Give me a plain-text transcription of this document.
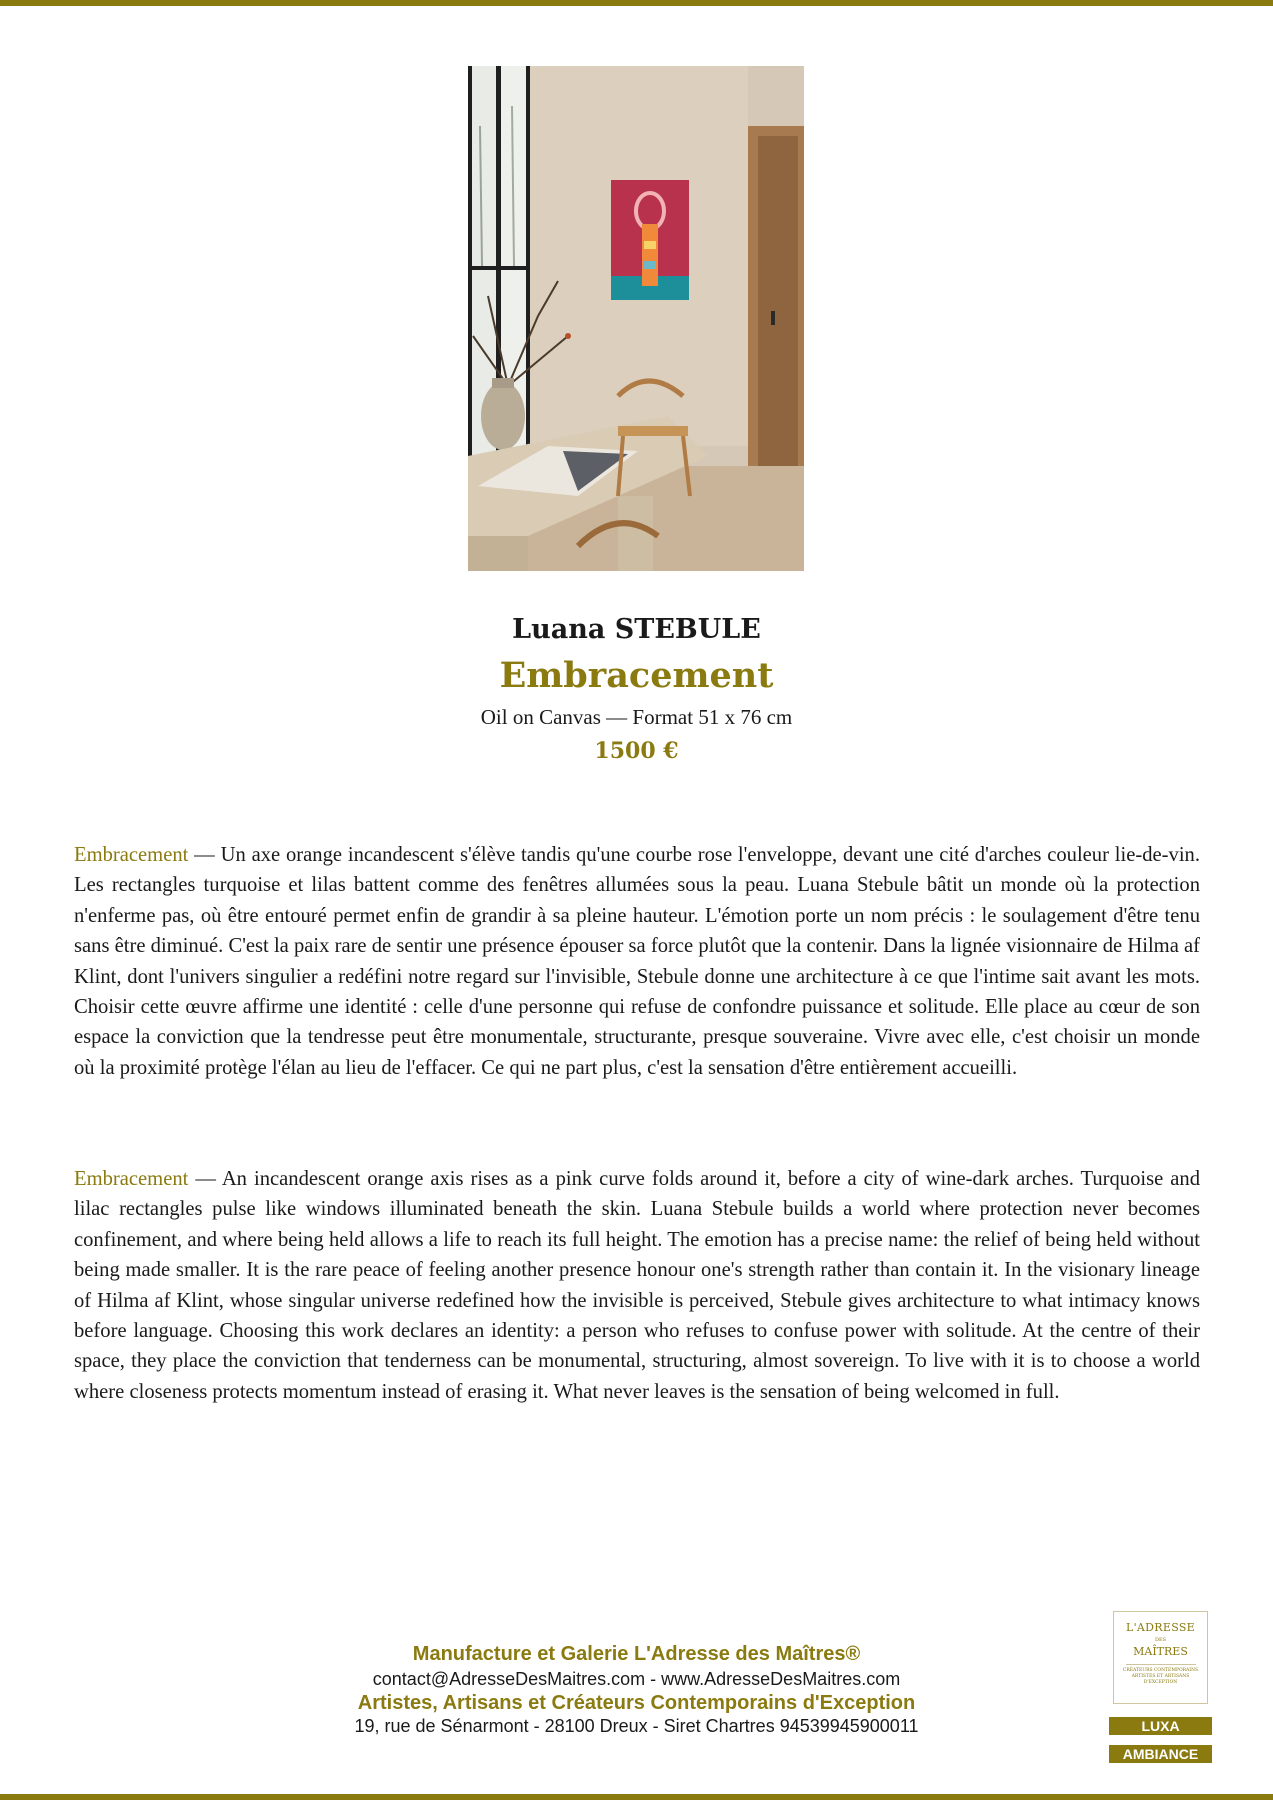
Luana STEBULE
Embracement
Oil on Canvas — Format 51 x 76 cm
1500 €

Embracement — Un axe orange incandescent s'élève tandis qu'une courbe rose l'enveloppe, devant une cité d'arches couleur lie-de-vin. Les rectangles turquoise et lilas battent comme des fenêtres allumées sous la peau. Luana Stebule bâtit un monde où la protection n'enferme pas, où être entouré permet enfin de grandir à sa pleine hauteur. L'émotion porte un nom précis : le soulagement d'être tenu sans être diminué. C'est la paix rare de sentir une présence épouser sa force plutôt que la contenir. Dans la lignée visionnaire de Hilma af Klint, dont l'univers singulier a redéfini notre regard sur l'invisible, Stebule donne une architecture à ce que l'intime sait avant les mots. Choisir cette œuvre affirme une identité : celle d'une personne qui refuse de confondre puissance et solitude. Elle place au cœur de son espace la conviction que la tendresse peut être monumentale, structurante, presque souveraine. Vivre avec elle, c'est choisir un monde où la proximité protège l'élan au lieu de l'effacer. Ce qui ne part plus, c'est la sensation d'être entièrement accueilli.

Embracement — An incandescent orange axis rises as a pink curve folds around it, before a city of wine-dark arches. Turquoise and lilac rectangles pulse like windows illuminated beneath the skin. Luana Stebule builds a world where protection never becomes confinement, and where being held allows a life to reach its full height. The emotion has a precise name: the relief of being held without being made smaller. It is the rare peace of feeling another presence honour one's strength rather than contain it. In the visionary lineage of Hilma af Klint, whose singular universe redefined how the invisible is perceived, Stebule gives architecture to what intimacy knows before language. Choosing this work declares an identity: a person who refuses to confuse power with solitude. At the centre of their space, they place the conviction that tenderness can be monumental, structuring, almost sovereign. To live with it is to choose a world where closeness protects momentum instead of erasing it. What never leaves is the sensation of being welcomed in full.

Manufacture et Galerie L'Adresse des Maîtres®
contact@AdresseDesMaitres.com - www.AdresseDesMaitres.com
Artistes, Artisans et Créateurs Contemporains d'Exception
19, rue de Sénarmont - 28100 Dreux - Siret Chartres 94539945900011
L'ADRESSE
DES
MAÎTRES
CRÉATEURS CONTEMPORAINS ARTISTES ET ARTISANS D'EXCEPTION
LUXA
AMBIANCE
